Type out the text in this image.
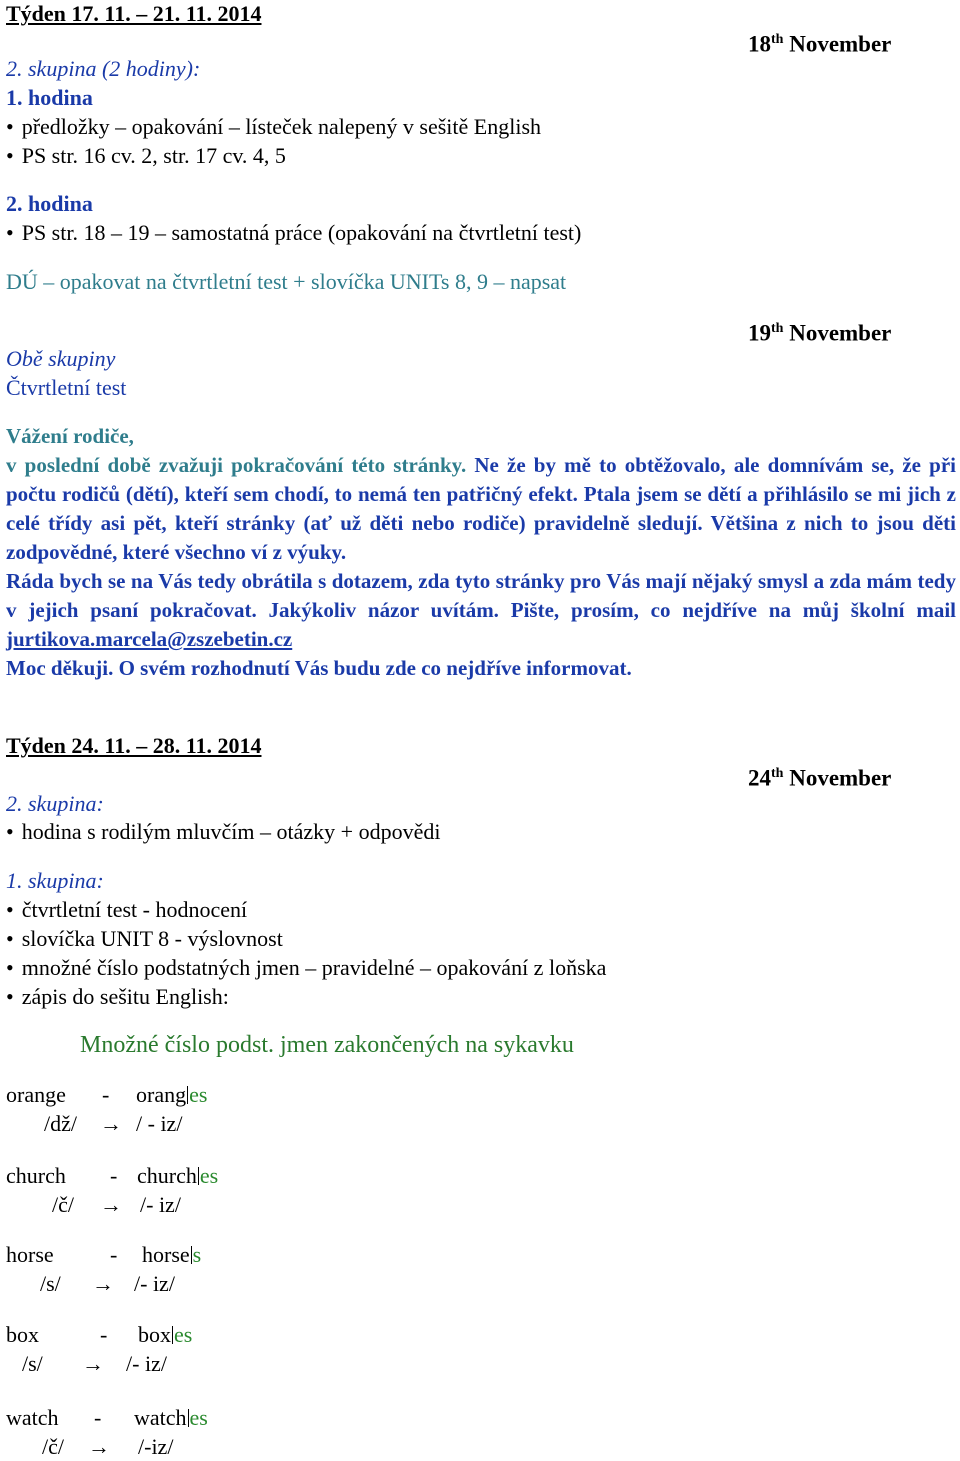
Týden 17. 11. – 21. 11. 2014
18th November
2. skupina (2 hodiny):
1. hodina
• předložky – opakování – lísteček nalepený v sešitě English
• PS str. 16 cv. 2, str. 17 cv. 4, 5
2. hodina
• PS str. 18 – 19 – samostatná práce (opakování na čtvrtletní test)
DÚ – opakovat na čtvrtletní test + slovíčka UNITs 8, 9 – napsat
19th November
Obě skupiny
Čtvrtletní test

Vážení rodiče,

v poslední době zvažuji pokračování této stránky. Ne že by mě to obtěžovalo, ale domnívám se, že při počtu rodičů (dětí), kteří sem chodí, to nemá ten patřičný efekt. Ptala jsem se dětí a přihlásilo se mi jich z celé třídy asi pět, kteří stránky (ať už děti nebo rodiče) pravidelně sledují. Většina z nich to jsou děti zodpovědné, které všechno ví z výuky.

Ráda bych se na Vás tedy obrátila s dotazem, zda tyto stránky pro Vás mají nějaký smysl a zda mám tedy v jejich psaní pokračovat. Jakýkoliv názor uvítám. Pište, prosím, co nejdříve na můj školní mail jurtikova.marcela@zszebetin.cz

Moc děkuji. O svém rozhodnutí Vás budu zde co nejdříve informovat.

Týden 24. 11. – 28. 11. 2014
24th November
2. skupina:
• hodina s rodilým mluvčím – otázky + odpovědi
1. skupina:
• čtvrtletní test - hodnocení
• slovíčka UNIT 8 - výslovnost
• množné číslo podstatných jmen – pravidelné – opakování z loňska
• zápis do sešitu English:
Množné číslo podst. jmen zakončených na sykavku
orange - orang es
/dž/ → / - iz/
church - church es
/č/ → /- iz/
horse	- horse s
/s/ → /- iz/
box	- box es
/s/ → /- iz/
watch - watch es
/č/ → /-iz/
